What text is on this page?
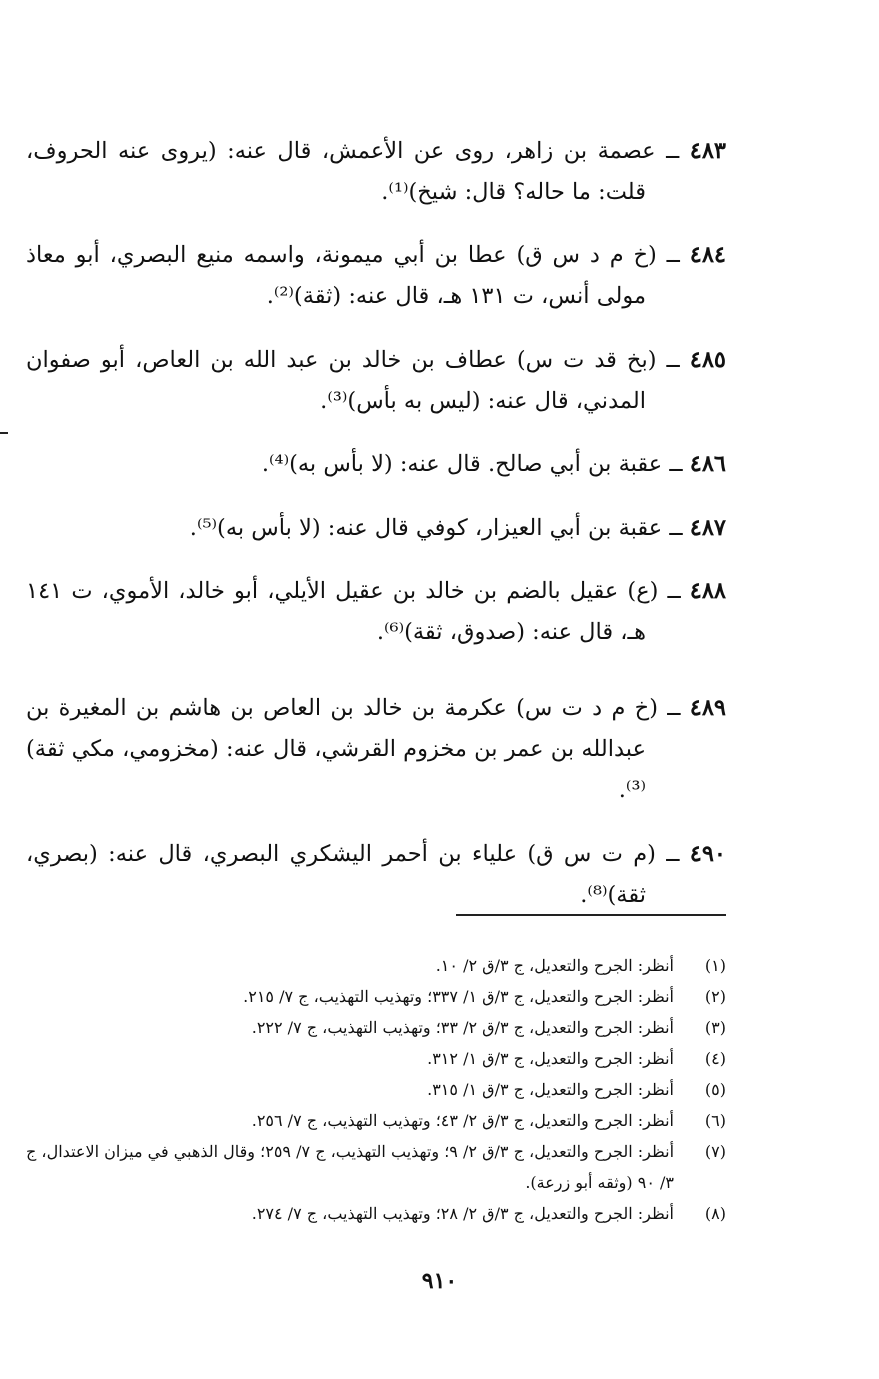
٤٨٣ ــ عصمة بن زاهر، روى عن الأعمش، قال عنه: (يروى عنه الحروف، قلت: ما حاله؟ قال: شيخ)⁽¹⁾.

٤٨٤ ــ (خ م د س ق) عطا بن أبي ميمونة، واسمه منيع البصري، أبو معاذ مولى أنس، ت ١٣١ هـ، قال عنه: (ثقة)⁽²⁾.

٤٨٥ ــ (بخ قد ت س) عطاف بن خالد بن عبد الله بن العاص، أبو صفوان المدني، قال عنه: (ليس به بأس)⁽³⁾.

٤٨٦ ــ عقبة بن أبي صالح. قال عنه: (لا بأس به)⁽⁴⁾.

٤٨٧ ــ عقبة بن أبي العيزار، كوفي قال عنه: (لا بأس به)⁽⁵⁾.

٤٨٨ ــ (ع) عقيل بالضم بن خالد بن عقيل الأيلي، أبو خالد، الأموي، ت ١٤١ هـ، قال عنه: (صدوق، ثقة)⁽⁶⁾.

٤٨٩ ــ (خ م د ت س) عكرمة بن خالد بن العاص بن هاشم بن المغيرة بن عبدالله بن عمر بن مخزوم القرشي، قال عنه: (مخزومي، مكي ثقة)⁽³⁾.

٤٩٠ ــ (م ت س ق) علياء بن أحمر اليشكري البصري، قال عنه: (بصري، ثقة)⁽⁸⁾.

(١)أنظر: الجرح والتعديل، ج ٣/ق ٢/ ١٠.
(٢)أنظر: الجرح والتعديل، ج ٣/ق ١/ ٣٣٧؛ وتهذيب التهذيب، ج ٧/ ٢١٥.
(٣)أنظر: الجرح والتعديل، ج ٣/ق ٢/ ٣٣؛ وتهذيب التهذيب، ج ٧/ ٢٢٢.
(٤)أنظر: الجرح والتعديل، ج ٣/ق ١/ ٣١٢.
(٥)أنظر: الجرح والتعديل، ج ٣/ق ١/ ٣١٥.
(٦)أنظر: الجرح والتعديل، ج ٣/ق ٢/ ٤٣؛ وتهذيب التهذيب، ج ٧/ ٢٥٦.
(٧)أنظر: الجرح والتعديل، ج ٣/ق ٢/ ٩؛ وتهذيب التهذيب، ج ٧/ ٢٥٩؛ وقال الذهبي في ميزان الاعتدال، ج ٣/ ٩٠ (وثقه أبو زرعة).
(٨)أنظر: الجرح والتعديل، ج ٣/ق ٢/ ٢٨؛ وتهذيب التهذيب، ج ٧/ ٢٧٤.
٩١٠
